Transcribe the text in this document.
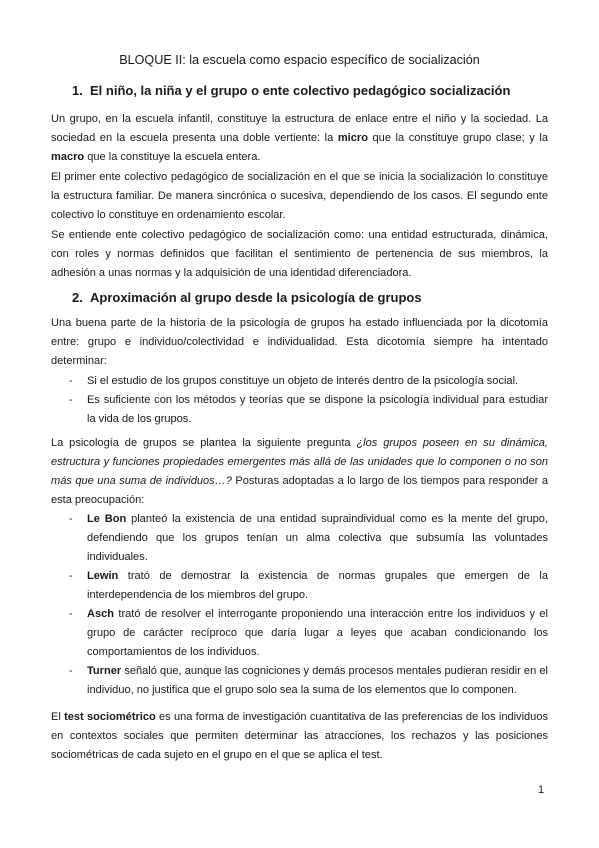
BLOQUE II: la escuela como espacio específico de socialización
1. El niño, la niña y el grupo o ente colectivo pedagógico socialización
Un grupo, en la escuela infantil, constituye la estructura de enlace entre el niño y la sociedad. La sociedad en la escuela presenta una doble vertiente: la micro que la constituye grupo clase; y la macro que la constituye la escuela entera.
El primer ente colectivo pedagógico de socialización en el que se inicia la socialización lo constituye la estructura familiar. De manera sincrónica o sucesiva, dependiendo de los casos. El segundo ente colectivo lo constituye en ordenamiento escolar.
Se entiende ente colectivo pedagógico de socialización como: una entidad estructurada, dinámica, con roles y normas definidos que facilitan el sentimiento de pertenencia de sus miembros, la adhesión a unas normas y la adquisición de una identidad diferenciadora.
2. Aproximación al grupo desde la psicología de grupos
Una buena parte de la historia de la psicología de grupos ha estado influenciada por la dicotomía entre: grupo e individuo/colectividad e individualidad. Esta dicotomía siempre ha intentado determinar:
- Si el estudio de los grupos constituye un objeto de interés dentro de la psicología social.
- Es suficiente con los métodos y teorías que se dispone la psicología individual para estudiar la vida de los grupos.
La psicología de grupos se plantea la siguiente pregunta ¿los grupos poseen en su dinámica, estructura y funciones propiedades emergentes más allá de las unidades que lo componen o no son más que una suma de individuos…? Posturas adoptadas a lo largo de los tiempos para responder a esta preocupación:
- Le Bon planteó la existencia de una entidad supraindividual como es la mente del grupo, defendiendo que los grupos tenían un alma colectiva que subsumía las voluntades individuales.
- Lewin trató de demostrar la existencia de normas grupales que emergen de la interdependencia de los miembros del grupo.
- Asch trató de resolver el interrogante proponiendo una interacción entre los individuos y el grupo de carácter recíproco que daría lugar a leyes que acaban condicionando los comportamientos de los individuos.
- Turner señaló que, aunque las cogniciones y demás procesos mentales pudieran residir en el individuo, no justifica que el grupo solo sea la suma de los elementos que lo componen.
El test sociométrico es una forma de investigación cuantitativa de las preferencias de los individuos en contextos sociales que permiten determinar las atracciones, los rechazos y las posiciones sociométricas de cada sujeto en el grupo en el que se aplica el test.
1
